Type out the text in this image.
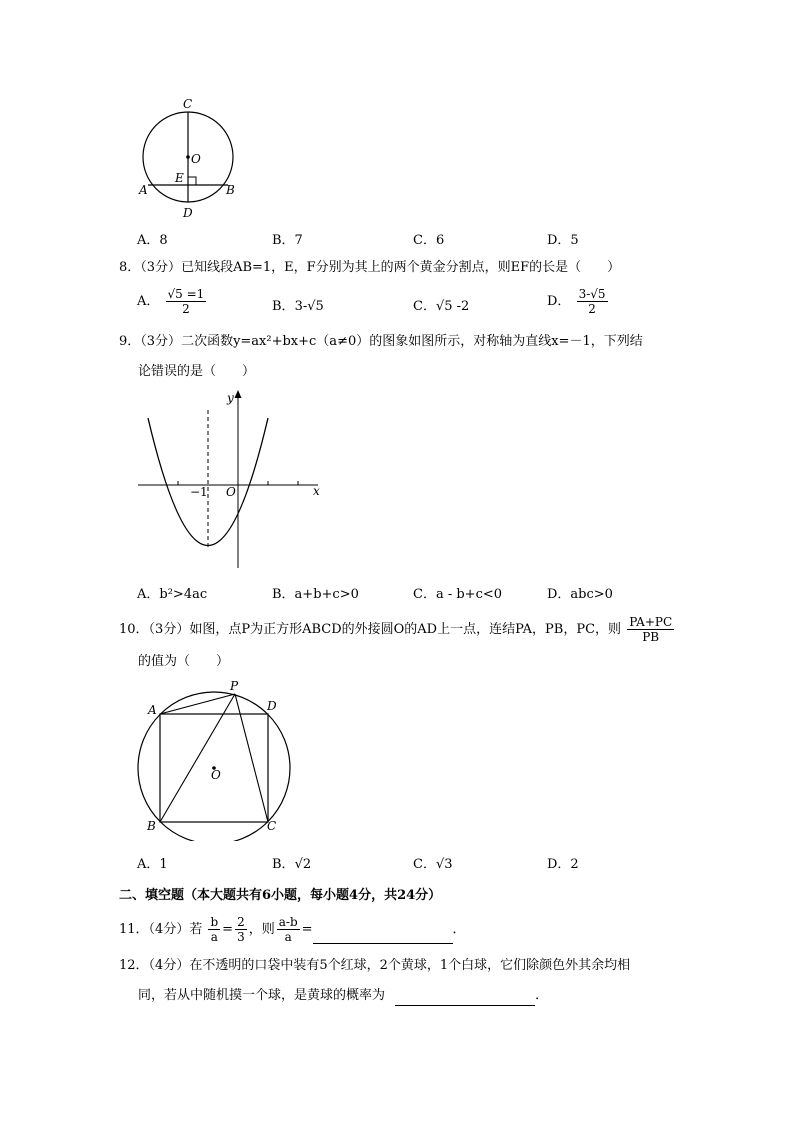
C
O
E
A	B
D
A．8	B．7	C．6	D．5
8．（3分）已知线段AB=1，E，F分别为其上的两个黄金分割点，则EF的长是（　　）
A． $\frac{√5 =1}{2}$	B．3-√5	C．√5 -2	D． $\frac{3-√5}{2}$
9．（3分）二次函数y=ax²+bx+c（a≠0）的图象如图所示，对称轴为直线x=－1，下列结
论错误的是（　　）
y
x
O
−1
A．b²>4ac	B．a+b+c>0	C．a - b+c<0	D．abc>0
10．（3分）如图，点P为正方形ABCD的外接圆O的AD上一点，连结PA，PB，PC，则 $\frac{PA+PC}{PB}$
的值为（　　）
P
A	D
O
B	C
A．1	B．√2	C．√3	D．2
二、填空题（本大题共有6小题，每小题4分，共24分）
11．（4分）若 $\frac{b}{a} = \frac{2}{3}$ ，则 $\frac{a-b}{a}$ =	．
12．（4分）在不透明的口袋中装有5个红球，2个黄球，1个白球，它们除颜色外其余均相
同，若从中随机摸一个球，是黄球的概率为	．
